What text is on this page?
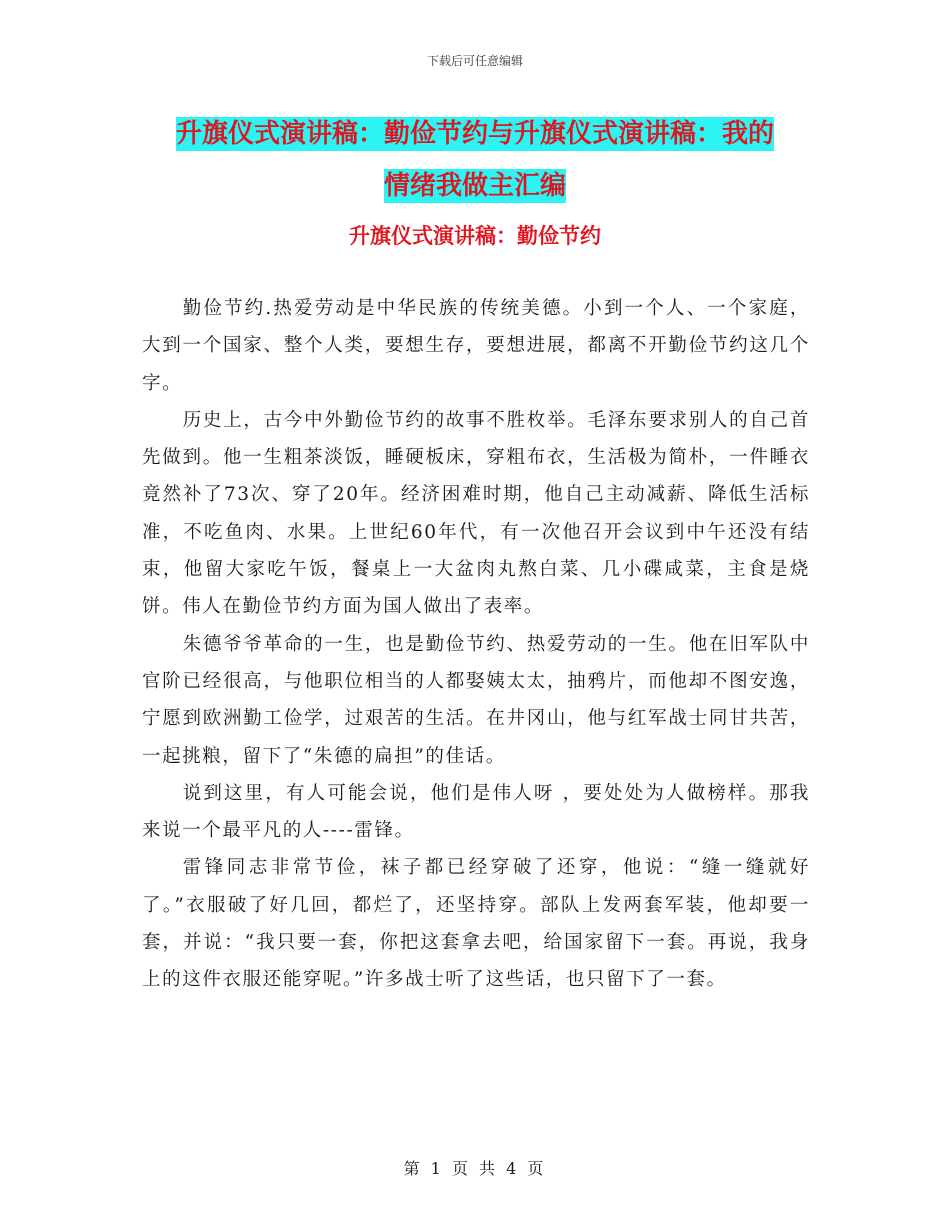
下载后可任意编辑
升旗仪式演讲稿：勤俭节约与升旗仪式演讲稿：我的
情绪我做主汇编
升旗仪式演讲稿：勤俭节约

勤俭节约.热爱劳动是中华民族的传统美德。小到一个人、一个家庭，大到一个国家、整个人类，要想生存，要想进展，都离不开勤俭节约这几个字。

历史上，古今中外勤俭节约的故事不胜枚举。毛泽东要求别人的自己首先做到。他一生粗茶淡饭，睡硬板床，穿粗布衣，生活极为简朴，一件睡衣竟然补了73次、穿了20年。经济困难时期，他自己主动减薪、降低生活标准，不吃鱼肉、水果。上世纪60年代，有一次他召开会议到中午还没有结束，他留大家吃午饭，餐桌上一大盆肉丸熬白菜、几小碟咸菜，主食是烧饼。伟人在勤俭节约方面为国人做出了表率。

朱德爷爷革命的一生，也是勤俭节约、热爱劳动的一生。他在旧军队中官阶已经很高，与他职位相当的人都娶姨太太，抽鸦片，而他却不图安逸，宁愿到欧洲勤工俭学，过艰苦的生活。在井冈山，他与红军战士同甘共苦，一起挑粮，留下了“朱德的扁担”的佳话。

说到这里，有人可能会说，他们是伟人呀 ，要处处为人做榜样。那我来说一个最平凡的人----雷锋。

雷锋同志非常节俭，袜子都已经穿破了还穿，他说：“缝一缝就好了。”衣服破了好几回，都烂了，还坚持穿。部队上发两套军装，他却要一套，并说：“我只要一套，你把这套拿去吧，给国家留下一套。再说，我身上的这件衣服还能穿呢。”许多战士听了这些话，也只留下了一套。

第 1 页 共 4 页
